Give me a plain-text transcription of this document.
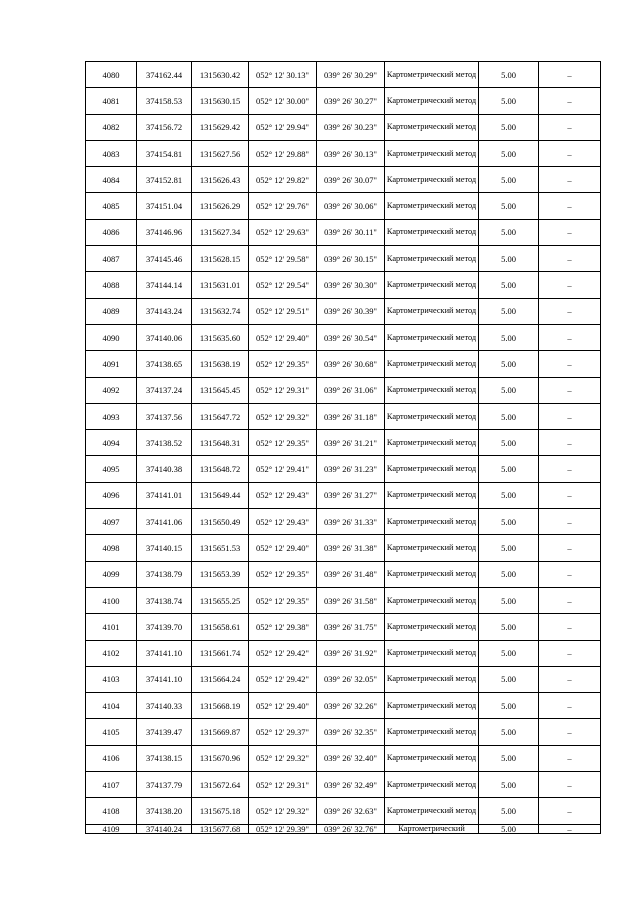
4080	374162.44	1315630.42	052° 12' 30.13"	039° 26' 30.29"	Картометрический метод	5.00	–
4081	374158.53	1315630.15	052° 12' 30.00"	039° 26' 30.27"	Картометрический метод	5.00	–
4082	374156.72	1315629.42	052° 12' 29.94"	039° 26' 30.23"	Картометрический метод	5.00	–
4083	374154.81	1315627.56	052° 12' 29.88"	039° 26' 30.13"	Картометрический метод	5.00	–
4084	374152.81	1315626.43	052° 12' 29.82"	039° 26' 30.07"	Картометрический метод	5.00	–
4085	374151.04	1315626.29	052° 12' 29.76"	039° 26' 30.06"	Картометрический метод	5.00	–
4086	374146.96	1315627.34	052° 12' 29.63"	039° 26' 30.11"	Картометрический метод	5.00	–
4087	374145.46	1315628.15	052° 12' 29.58"	039° 26' 30.15"	Картометрический метод	5.00	–
4088	374144.14	1315631.01	052° 12' 29.54"	039° 26' 30.30"	Картометрический метод	5.00	–
4089	374143.24	1315632.74	052° 12' 29.51"	039° 26' 30.39"	Картометрический метод	5.00	–
4090	374140.06	1315635.60	052° 12' 29.40"	039° 26' 30.54"	Картометрический метод	5.00	–
4091	374138.65	1315638.19	052° 12' 29.35"	039° 26' 30.68"	Картометрический метод	5.00	–
4092	374137.24	1315645.45	052° 12' 29.31"	039° 26' 31.06"	Картометрический метод	5.00	–
4093	374137.56	1315647.72	052° 12' 29.32"	039° 26' 31.18"	Картометрический метод	5.00	–
4094	374138.52	1315648.31	052° 12' 29.35"	039° 26' 31.21"	Картометрический метод	5.00	–
4095	374140.38	1315648.72	052° 12' 29.41"	039° 26' 31.23"	Картометрический метод	5.00	–
4096	374141.01	1315649.44	052° 12' 29.43"	039° 26' 31.27"	Картометрический метод	5.00	–
4097	374141.06	1315650.49	052° 12' 29.43"	039° 26' 31.33"	Картометрический метод	5.00	–
4098	374140.15	1315651.53	052° 12' 29.40"	039° 26' 31.38"	Картометрический метод	5.00	–
4099	374138.79	1315653.39	052° 12' 29.35"	039° 26' 31.48"	Картометрический метод	5.00	–
4100	374138.74	1315655.25	052° 12' 29.35"	039° 26' 31.58"	Картометрический метод	5.00	–
4101	374139.70	1315658.61	052° 12' 29.38"	039° 26' 31.75"	Картометрический метод	5.00	–
4102	374141.10	1315661.74	052° 12' 29.42"	039° 26' 31.92"	Картометрический метод	5.00	–
4103	374141.10	1315664.24	052° 12' 29.42"	039° 26' 32.05"	Картометрический метод	5.00	–
4104	374140.33	1315668.19	052° 12' 29.40"	039° 26' 32.26"	Картометрический метод	5.00	–
4105	374139.47	1315669.87	052° 12' 29.37"	039° 26' 32.35"	Картометрический метод	5.00	–
4106	374138.15	1315670.96	052° 12' 29.32"	039° 26' 32.40"	Картометрический метод	5.00	–
4107	374137.79	1315672.64	052° 12' 29.31"	039° 26' 32.49"	Картометрический метод	5.00	–
4108	374138.20	1315675.18	052° 12' 29.32"	039° 26' 32.63"	Картометрический метод	5.00	–
4109	374140.24	1315677.68	052° 12' 29.39"	039° 26' 32.76"	Картометрический	5.00	–
